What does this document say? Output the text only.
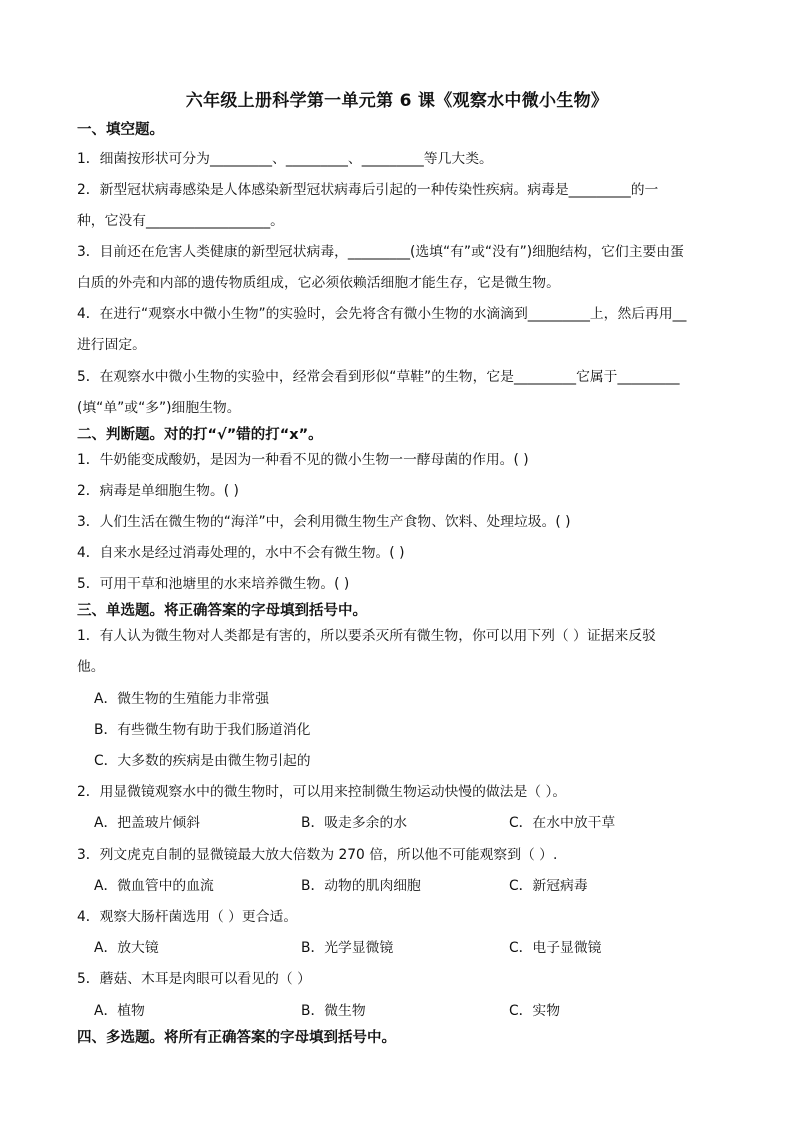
六年级上册科学第一单元第 6 课《观察水中微小生物》
一、填空题。
1．细菌按形状可分为_________、_________、_________等几大类。
2．新型冠状病毒感染是人体感染新型冠状病毒后引起的一种传染性疾病。病毒是_________的一
种，它没有__________________。
3．目前还在危害人类健康的新型冠状病毒，_________(选填“有”或“没有”)细胞结构，它们主要由蛋
白质的外壳和内部的遗传物质组成，它必须依赖活细胞才能生存，它是微生物。
4．在进行“观察水中微小生物”的实验时，会先将含有微小生物的水滴滴到_________上，然后再用__
进行固定。
5．在观察水中微小生物的实验中，经常会看到形似“草鞋”的生物，它是_________它属于_________
(填“单”或“多”)细胞生物。
二、判断题。对的打“√”错的打“x”。
1．牛奶能变成酸奶，是因为一种看不见的微小生物一一酵母菌的作用。( )
2．病毒是单细胞生物。( )
3．人们生活在微生物的“海洋”中，会利用微生物生产食物、饮料、处理垃圾。( )
4．自来水是经过消毒处理的，水中不会有微生物。( )
5．可用干草和池塘里的水来培养微生物。( )
三、单选题。将正确答案的字母填到括号中。
1．有人认为微生物对人类都是有害的，所以要杀灭所有微生物，你可以用下列（ ）证据来反驳
他。
A．微生物的生殖能力非常强
B．有些微生物有助于我们肠道消化
C．大多数的疾病是由微生物引起的
2．用显微镜观察水中的微生物时，可以用来控制微生物运动快慢的做法是（ ）。
A．把盖玻片倾斜	B．吸走多余的水	C．在水中放干草
3．列文虎克自制的显微镜最大放大倍数为 270 倍，所以他不可能观察到（ ）.
A．微血管中的血流	B．动物的肌肉细胞	C．新冠病毒
4．观察大肠杆菌选用（ ）更合适。
A．放大镜	B．光学显微镜	C．电子显微镜
5．蘑菇、木耳是肉眼可以看见的（ ）
A．植物	B．微生物	C．实物
四、多选题。将所有正确答案的字母填到括号中。
